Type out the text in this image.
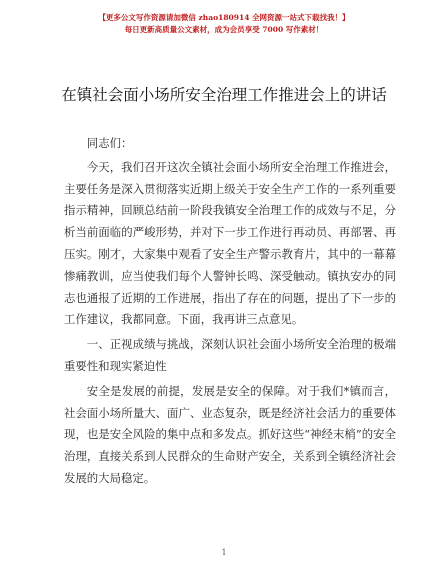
【更多公文写作资源请加微信 zhao180914 全网资源一站式下载找我！】
每日更新高质量公文素材，成为会员享受 7000 写作素材！
在镇社会面小场所安全治理工作推进会上的讲话

同志们：

今天，我们召开这次全镇社会面小场所安全治理工作推进会，主要任务是深入贯彻落实近期上级关于安全生产工作的一系列重要指示精神，回顾总结前一阶段我镇安全治理工作的成效与不足，分析当前面临的严峻形势，并对下一步工作进行再动员、再部署、再压实。刚才，大家集中观看了安全生产警示教育片，其中的一幕幕惨痛教训，应当使我们每个人警钟长鸣、深受触动。镇执安办的同志也通报了近期的工作进展，指出了存在的问题，提出了下一步的工作建议，我都同意。下面，我再讲三点意见。

一、正视成绩与挑战，深刻认识社会面小场所安全治理的极端重要性和现实紧迫性

安全是发展的前提，发展是安全的保障。对于我们*镇而言，社会面小场所量大、面广、业态复杂，既是经济社会活力的重要体现，也是安全风险的集中点和多发点。抓好这些“神经末梢”的安全治理，直接关系到人民群众的生命财产安全，关系到全镇经济社会发展的大局稳定。

1
